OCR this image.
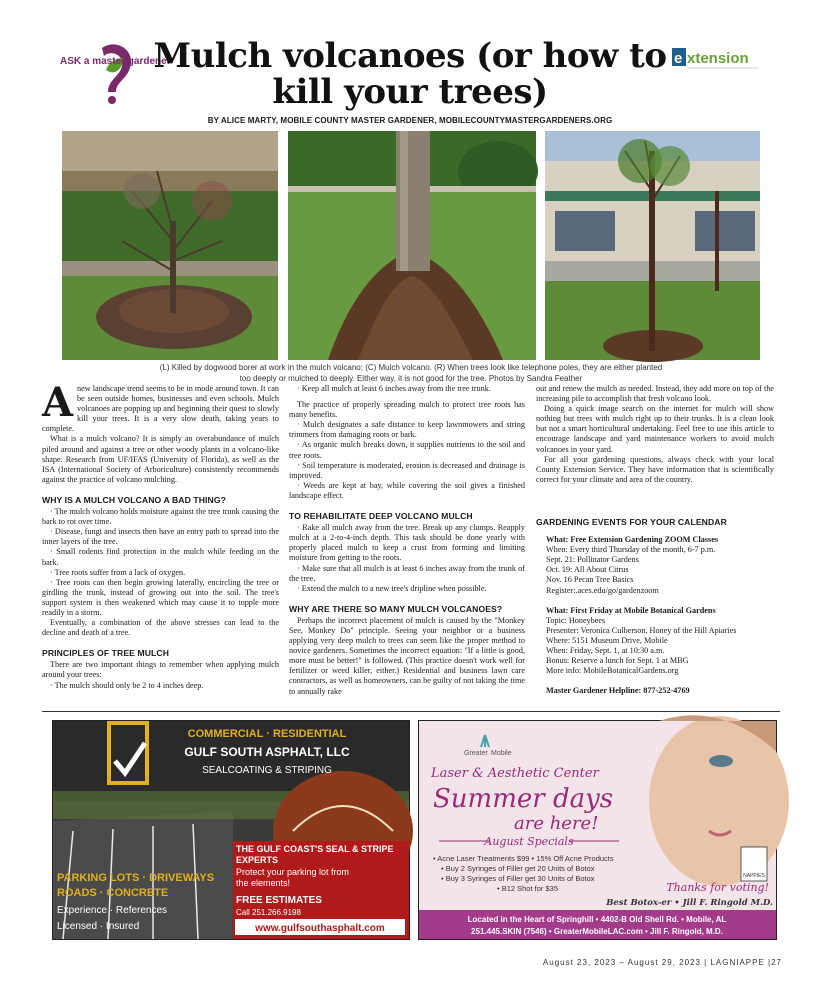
ASK a master gardener
Mulch volcanoes (or how to
kill your trees)
e xtension
BY ALICE MARTY, MOBILE COUNTY MASTER GARDENER, MOBILECOUNTYMASTERGARDENERS.ORG
(L) Killed by dogwood borer at work in the mulch volcano; (C) Mulch volcano. (R) When trees look like telephone poles, they are either planted
too deeply or mulched to deeply. Either way, it is not good for the tree. Photos by Sandra Feather

Anew landscape trend seems to be in mode around town. It can be seen outside homes, businesses and even schools. Mulch volcanoes are popping up and beginning their quest to slowly kill your trees. It is a very slow death, taking years to complete.

What is a mulch volcano? It is simply an overabundance of mulch piled around and against a tree or other woody plants in a volcano-like shape. Research from UF/IFAS (University of Florida), as well as the ISA (International Society of Arboriculture) consistently recommends against the practice of volcano mulching.

WHY IS A MULCH VOLCANO A BAD THING?

· The mulch volcano holds moisture against the tree trunk causing the bark to rot over time.

· Disease, fungi and insects then have an entry path to spread into the inner layers of the tree.

· Small rodents find protection in the mulch while feeding on the bark.

· Tree roots suffer from a lack of oxygen.

· Tree roots can then begin growing laterally, encircling the tree or girdling the trunk, instead of growing out into the soil. The tree's support system is then weakened which may cause it to topple more readily in a storm.

Eventually, a combination of the above stresses can lead to the decline and death of a tree.

PRINCIPLES OF TREE MULCH

There are two important things to remember when applying mulch around your trees:

· The mulch should only be 2 to 4 inches deep.

· Keep all mulch at least 6 inches away from the tree trunk.

The practice of properly spreading mulch to protect tree roots has many benefits.

· Mulch designates a safe distance to keep lawnmowers and string trimmers from damaging roots or bark.

· As organic mulch breaks down, it supplies nutrients to the soil and tree roots.

· Soil temperature is moderated, erosion is decreased and drainage is improved.

· Weeds are kept at bay, while covering the soil gives a finished landscape effect.

TO REHABILITATE DEEP VOLCANO MULCH

· Rake all mulch away from the tree. Break up any clumps. Reapply mulch at a 2-to-4-inch depth. This task should be done yearly with properly placed mulch to keep a crust from forming and limiting moisture from getting to the roots.

· Make sure that all mulch is at least 6 inches away from the trunk of the tree.

· Extend the mulch to a new tree's dripline when possible.

WHY ARE THERE SO MANY MULCH VOLCANOES?

Perhaps the incorrect placement of mulch is caused by the "Monkey See, Monkey Do" principle. Seeing your neighbor or a business applying very deep mulch to trees can seem like the proper method to novice gardeners. Sometimes the incorrect equation: "If a little is good, more must be better!" is followed. (This practice doesn't work well for fertilizer or weed killer, either.) Residential and business lawn care contractors, as well as homeowners, can be guilty of not taking the time to annually rake

out and renew the mulch as needed. Instead, they add more on top of the increasing pile to accomplish that fresh volcano look.

Doing a quick image search on the internet for mulch will show nothing but trees with mulch right up to their trunks. It is a clean look but not a smart horticultural undertaking. Feel free to use this article to encourage landscape and yard maintenance workers to avoid mulch volcanoes in your yard.

For all your gardening questions, always check with your local County Extension Service. They have information that is scientifically correct for your climate and area of the country.

GARDENING EVENTS FOR YOUR CALENDAR

What: Free Extension Gardening ZOOM Classes

When: Every third Thursday of the month, 6-7 p.m.

Sept. 21: Pollinator Gardens

Oct. 19: All About Citrus

Nov. 16 Pecan Tree Basics

Register:.aces.edu/go/gardenzoom

What: First Friday at Mobile Botanical Gardens

Topic: Honeybees

Presenter: Veronica Culberson, Honey of the Hill Apiaries

Where: 5151 Museum Drive, Mobile

When: Friday, Sept. 1, at 10:30 a.m.

Bonus: Reserve a lunch for Sept. 1 at MBG

More info: MobileBotanicalGardens.org

Master Gardener Helpline: 877-252-4769

COMMERCIAL · RESIDENTIAL
GULF SOUTH ASPHALT, LLC
SEALCOATING & STRIPING
PARKING LOTS · DRIVEWAYS
ROADS · CONCRETE
Experience · References
Licensed · Insured
THE GULF COAST'S SEAL & STRIPE
EXPERTS
Protect your parking lot from
the elements!
FREE ESTIMATES
Call 251.266.9198
www.gulfsouthasphalt.com
Greater Mobile
Laser & Aesthetic Center
Summer days
are here!
August Specials
• Acne Laser Treatments $99 • 15% Off Acne Products
• Buy 2 Syringes of Filler get 20 Units of Botox
• Buy 3 Syringes of Filler get 30 Units of Botox
• B12 Shot for $35
NAPPIES
Thanks for voting!
Best Botox-er • Jill F. Ringold M.D.
Located in the Heart of Springhill • 4402-B Old Shell Rd. • Mobile, AL
251.445.SKIN (7546) • GreaterMobileLAC.com • Jill F. Ringold, M.D.
August 23, 2023 – August 29, 2023 | LAGNIAPPE |27
